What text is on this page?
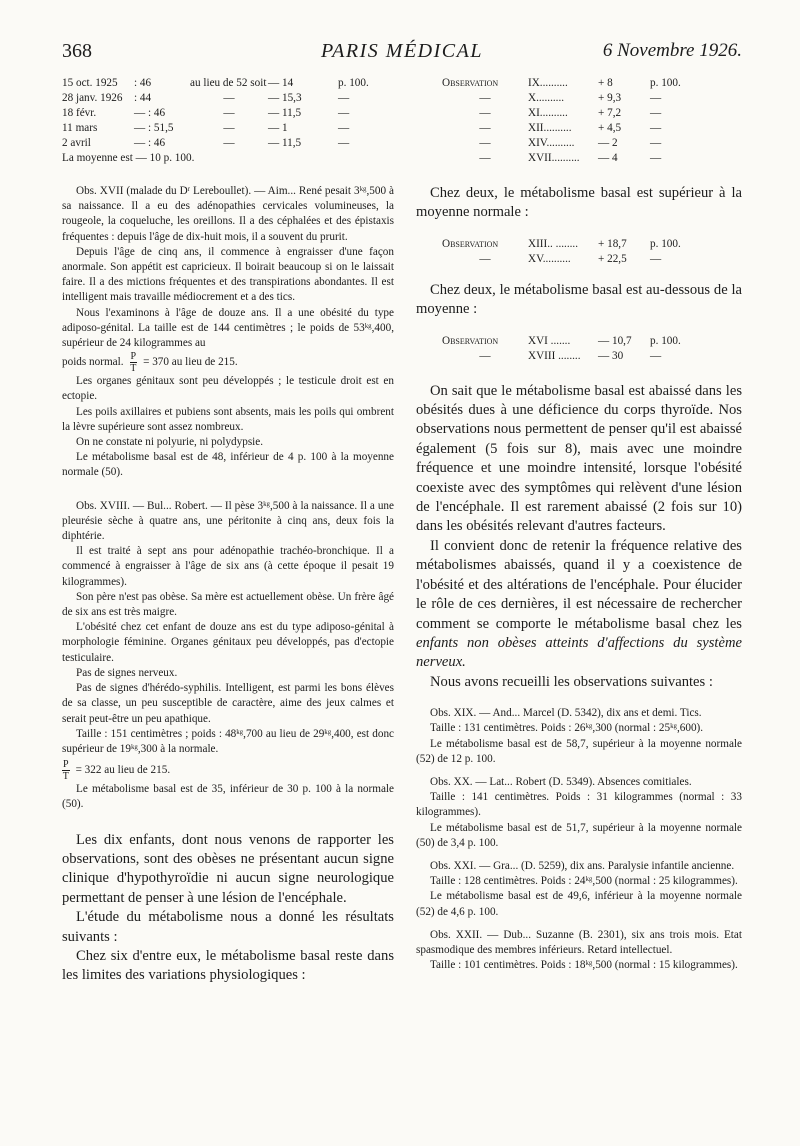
368	PARIS MÉDICAL	6 Novembre 1926.
15 oct. 1925	: 46	au lieu de 52 soit — 14	p. 100.
28 janv. 1926	: 44	—	— 15,3	—
18 févr.	— : 46	—	— 11,5	—
11 mars	— : 51,5	—	— 1	—
2 avril	— : 46	—	— 11,5	—
La moyenne est — 10 p. 100.

Obs. XVII (malade du Dʳ Lereboullet). — Aim... René pesait 3ᵏᵍ,500 à sa naissance. Il a eu des adénopathies cervicales volumineuses, la rougeole, la coqueluche, les oreillons. Il a des céphalées et des épistaxis fréquentes : depuis l'âge de dix-huit mois, il a souvent du prurit.

Depuis l'âge de cinq ans, il commence à engraisser d'une façon anormale. Son appétit est capricieux. Il boirait beaucoup si on le laissait faire. Il a des mictions fréquentes et des transpirations abondantes. Il est intelligent mais travaille médiocrement et a des tics.

Nous l'examinons à l'âge de douze ans. Il a une obésité du type adiposo-génital. La taille est de 144 centimètres ; le poids de 53ᵏᵍ,400, supérieur de 24 kilogrammes au

poids normal. $\frac{P}{T} = 370$ au lieu de 215.

Les organes génitaux sont peu développés ; le testicule droit est en ectopie.

Les poils axillaires et pubiens sont absents, mais les poils qui ombrent la lèvre supérieure sont assez nombreux.

On ne constate ni polyurie, ni polydypsie.

Le métabolisme basal est de 48, inférieur de 4 p. 100 à la moyenne normale (50).

Obs. XVIII. — Bul... Robert. — Il pèse 3ᵏᵍ,500 à la naissance. Il a une pleurésie sèche à quatre ans, une péritonite à cinq ans, deux fois la diphtérie.

Il est traité à sept ans pour adénopathie trachéo-bronchique. Il a commencé à engraisser à l'âge de six ans (à cette époque il pesait 19 kilogrammes).

Son père n'est pas obèse. Sa mère est actuellement obèse. Un frère âgé de six ans est très maigre.

L'obésité chez cet enfant de douze ans est du type adiposo-génital à morphologie féminine. Organes génitaux peu développés, pas d'ectopie testiculaire.

Pas de signes nerveux.

Pas de signes d'hérédo-syphilis. Intelligent, est parmi les bons élèves de sa classe, un peu susceptible de caractère, aime des jeux calmes et serait peut-être un peu apathique.

Taille : 151 centimètres ; poids : 48ᵏᵍ,700 au lieu de 29ᵏᵍ,400, est donc supérieur de 19ᵏᵍ,300 à la normale.

$\frac{P}{T} = 322$ au lieu de 215.

Le métabolisme basal est de 35, inférieur de 30 p. 100 à la normale (50).

Les dix enfants, dont nous venons de rapporter les observations, sont des obèses ne présentant aucun signe clinique d'hypothyroïdie ni aucun signe neurologique permettant de penser à une lésion de l'encéphale.

L'étude du métabolisme nous a donné les résultats suivants :

Chez six d'entre eux, le métabolisme basal reste dans les limites des variations physiologiques :

Observation	IX..........	+ 8	p. 100.
—	X..........	+ 9,3	—
—	XI..........	+ 7,2	—
—	XII..........	+ 4,5	—
—	XIV..........	— 2	—
—	XVII..........	— 4	—

Chez deux, le métabolisme basal est supérieur à la moyenne normale :

Observation	XIII.. ........	+ 18,7	p. 100.
—	XV..........	+ 22,5	—

Chez deux, le métabolisme basal est au-dessous de la moyenne :

Observation	XVI .......	— 10,7	p. 100.
—	XVIII ........	— 30	—

On sait que le métabolisme basal est abaissé dans les obésités dues à une déficience du corps thyroïde. Nos observations nous permettent de penser qu'il est abaissé également (5 fois sur 8), mais avec une moindre fréquence et une moindre intensité, lorsque l'obésité coexiste avec des symptômes qui relèvent d'une lésion de l'encéphale. Il est rarement abaissé (2 fois sur 10) dans les obésités relevant d'autres facteurs.

Il convient donc de retenir la fréquence relative des métabolismes abaissés, quand il y a coexistence de l'obésité et des altérations de l'encéphale. Pour élucider le rôle de ces dernières, il est nécessaire de rechercher comment se comporte le métabolisme basal chez les enfants non obèses atteints d'affections du système nerveux.

Nous avons recueilli les observations suivantes :

Obs. XIX. — And... Marcel (D. 5342), dix ans et demi. Tics.

Taille : 131 centimètres. Poids : 26ᵏᵍ,300 (normal : 25ᵏᵍ,600).

Le métabolisme basal est de 58,7, supérieur à la moyenne normale (52) de 12 p. 100.

Obs. XX. — Lat... Robert (D. 5349). Absences comitiales.

Taille : 141 centimètres. Poids : 31 kilogrammes (normal : 33 kilogrammes).

Le métabolisme basal est de 51,7, supérieur à la moyenne normale (50) de 3,4 p. 100.

Obs. XXI. — Gra... (D. 5259), dix ans. Paralysie infantile ancienne.

Taille : 128 centimètres. Poids : 24ᵏᵍ,500 (normal : 25 kilogrammes).

Le métabolisme basal est de 49,6, inférieur à la moyenne normale (52) de 4,6 p. 100.

Obs. XXII. — Dub... Suzanne (B. 2301), six ans trois mois. Etat spasmodique des membres inférieurs. Retard intellectuel.

Taille : 101 centimètres. Poids : 18ᵏᵍ,500 (normal : 15 kilogrammes).
